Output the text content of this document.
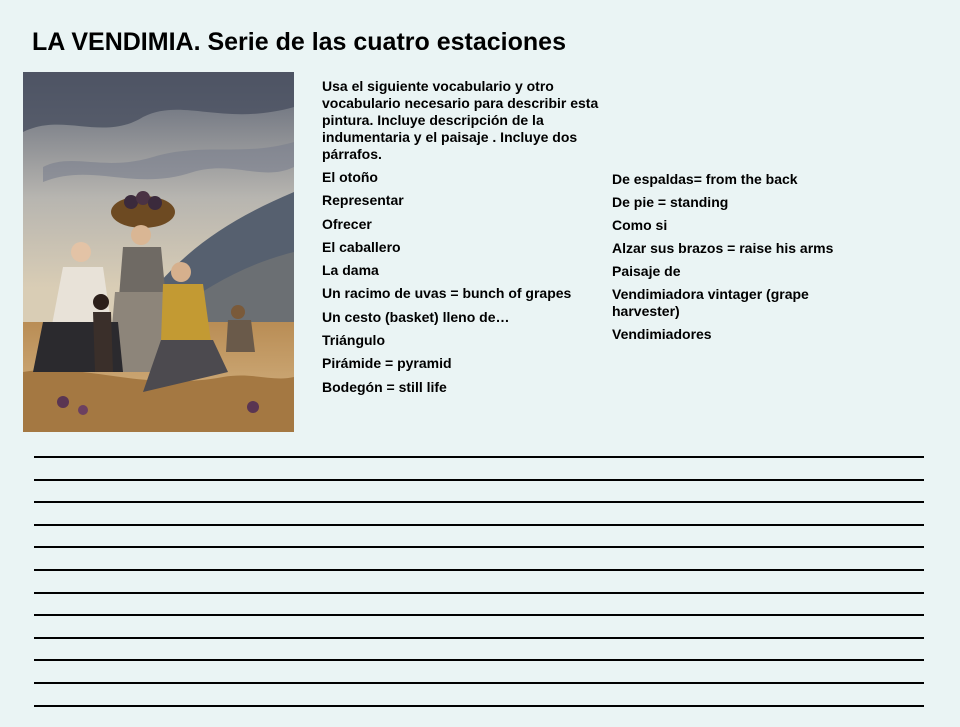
LA VENDIMIA. Serie de las cuatro estaciones

Usa el siguiente vocabulario y otro vocabulario necesario para describir esta pintura. Incluye descripción de la indumentaria y el paisaje . Incluye dos párrafos.

El otoño
Representar
Ofrecer
El caballero
La dama
Un racimo de uvas = bunch of grapes
Un cesto (basket) lleno de…
Triángulo
Pirámide = pyramid
Bodegón = still life
De espaldas= from the back
De pie = standing
Como si
Alzar sus brazos = raise his arms
Paisaje de
Vendimiadora vintager (grape harvester)
Vendimiadores
